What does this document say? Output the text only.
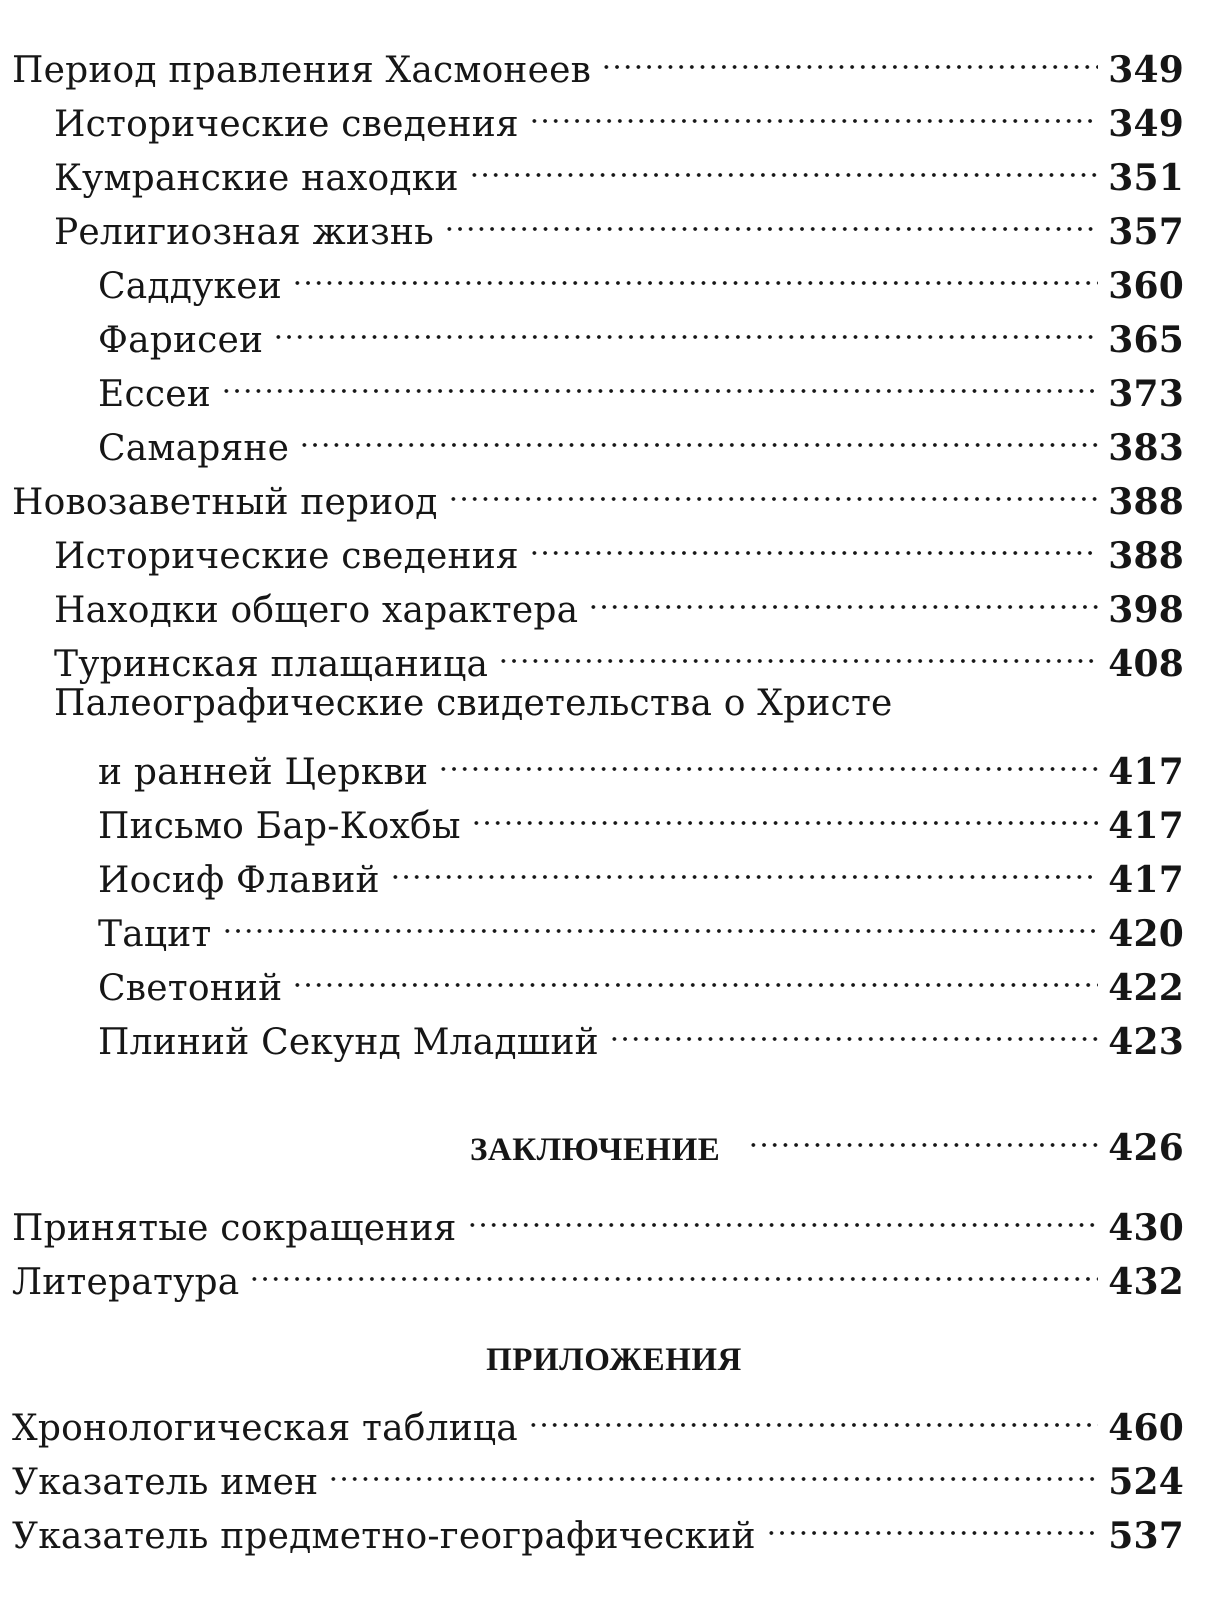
Период правления Хасмонеев	349
Исторические сведения	349
Кумранские находки	351
Религиозная жизнь	357
Саддукеи	360
Фарисеи	365
Ессеи	373
Самаряне	383
Новозаветный период	388
Исторические сведения	388
Находки общего характера	398
Туринская плащаница	408
Палеографические свидетельства о Христе
и ранней Церкви	417
Письмо Бар-Кохбы	417
Иосиф Флавий	417
Тацит	420
Светоний	422
Плиний Секунд Младший	423
ЗАКЛЮЧЕНИЕ	426
Принятые сокращения	430
Литература	432
ПРИЛОЖЕНИЯ
Хронологическая таблица	460
Указатель имен	524
Указатель предметно-географический	537
